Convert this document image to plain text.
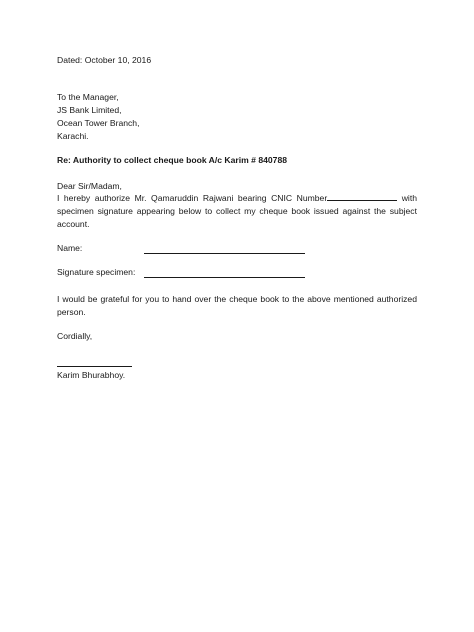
Dated: October 10, 2016
To the Manager,
JS Bank Limited,
Ocean Tower Branch,
Karachi.
Re: Authority to collect cheque book A/c Karim # 840788
Dear Sir/Madam,
I hereby authorize Mr. Qamaruddin Rajwani bearing CNIC Number	with specimen signature appearing below to collect my cheque book issued against the subject account.
Name:
Signature specimen:
I would be grateful for you to hand over the cheque book to the above mentioned authorized person.
Cordially,
Karim Bhurabhoy.
